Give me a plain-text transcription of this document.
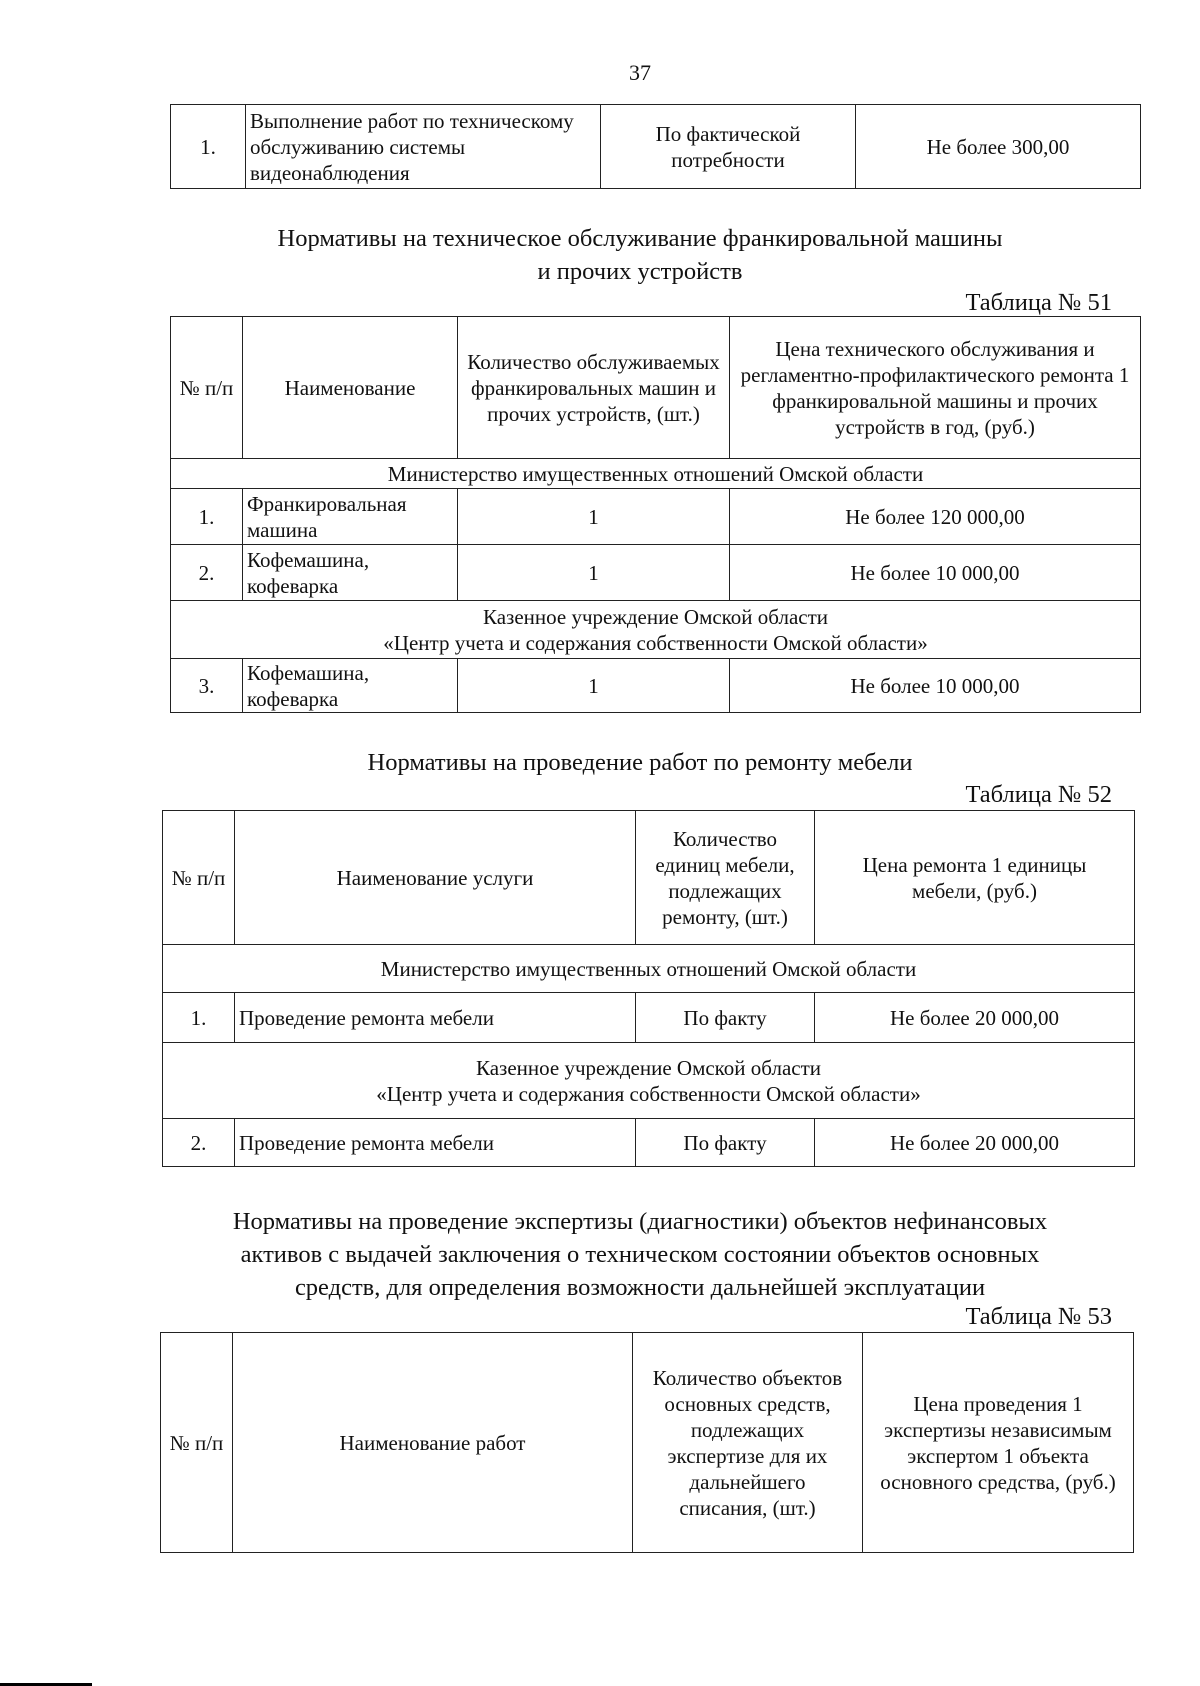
37
1.	Выполнение работ по техническому обслуживанию системы видеонаблюдения	По фактической потребности	Не более 300,00
Нормативы на техническое обслуживание франкировальной машины
и прочих устройств
Таблица № 51
№ п/п	Наименование	Количество обслуживаемых франкировальных машин и прочих устройств, (шт.)	Цена технического обслуживания и регламентно-профилактического ремонта 1 франкировальной машины и прочих устройств в год, (руб.)
Министерство имущественных отношений Омской области			
1.	Франкировальная машина	1	Не более 120 000,00
2.	Кофемашина, кофеварка	1	Не более 10 000,00

Казенное учреждение Омской области
«Центр учета и содержания собственности Омской области»			

3.	Кофемашина, кофеварка	1	Не более 10 000,00
Нормативы на проведение работ по ремонту мебели
Таблица № 52
№ п/п	Наименование услуги	Количество единиц мебели, подлежащих ремонту, (шт.)	Цена ремонта 1 единицы мебели, (руб.)
Министерство имущественных отношений Омской области			
1.	Проведение ремонта мебели	По факту	Не более 20 000,00

Казенное учреждение Омской области
«Центр учета и содержания собственности Омской области»			

2.	Проведение ремонта мебели	По факту	Не более 20 000,00
Нормативы на проведение экспертизы (диагностики) объектов нефинансовых
активов с выдачей заключения о техническом состоянии объектов основных
средств, для определения возможности дальнейшей эксплуатации
Таблица № 53
№ п/п	Наименование работ	Количество объектов основных средств, подлежащих экспертизе для их дальнейшего списания, (шт.)	Цена проведения 1 экспертизы независимым экспертом 1 объекта основного средства, (руб.)
